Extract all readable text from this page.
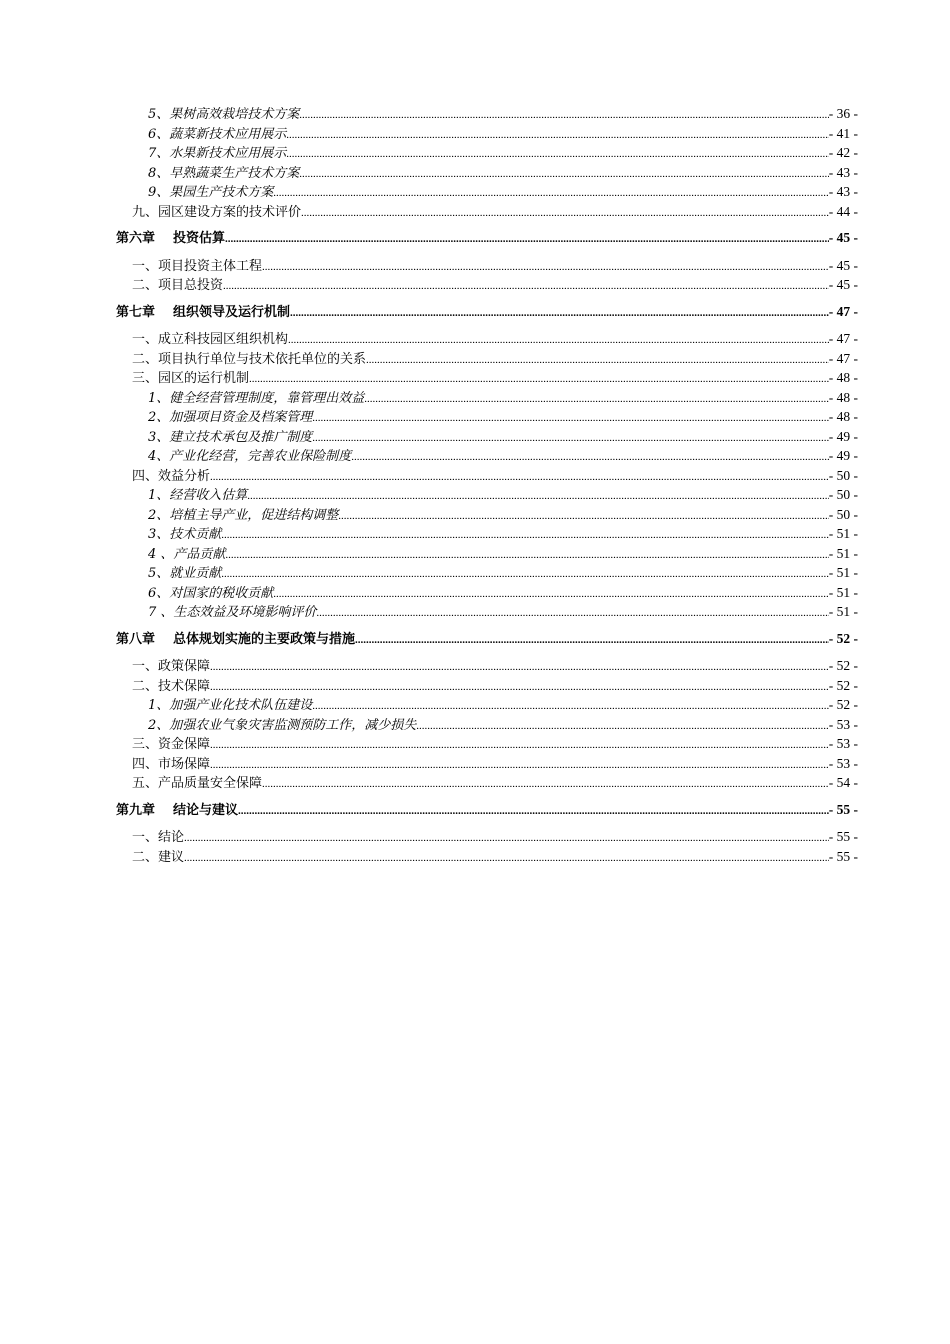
5、果树高效栽培技术方案 .....	- 36 -
6、蔬菜新技术应用展示 .....	- 41 -
7、水果新技术应用展示 .....	- 42 -
8、早熟蔬菜生产技术方案 .....	- 43 -
9、果园生产技术方案 .....	- 43 -
九、园区建设方案的技术评价 .....	- 44 -
第六章 投资估算 .....	- 45 -
一、项目投资主体工程 .....	- 45 -
二、项目总投资 .....	- 45 -
第七章 组织领导及运行机制 .....	- 47 -
一、成立科技园区组织机构 .....	- 47 -
二、项目执行单位与技术依托单位的关系 .....	- 47 -
三、园区的运行机制 .....	- 48 -
1、健全经营管理制度，靠管理出效益 .....	- 48 -
2、加强项目资金及档案管理 .....	- 48 -
3、建立技术承包及推广制度 .....	- 49 -
4、产业化经营，完善农业保险制度 .....	- 49 -
四、效益分析 .....	- 50 -
1、经营收入估算 .....	- 50 -
2、培植主导产业，促进结构调整 .....	- 50 -
3、技术贡献 .....	- 51 -
4 、产品贡献 .....	- 51 -
5、就业贡献 .....	- 51 -
6、对国家的税收贡献 .....	- 51 -
7 、生态效益及环境影响评价 .....	- 51 -
第八章 总体规划实施的主要政策与措施 .....	- 52 -
一、政策保障 .....	- 52 -
二、技术保障 .....	- 52 -
1、加强产业化技术队伍建设 .....	- 52 -
2、加强农业气象灾害监测预防工作，减少损失 .....	- 53 -
三、资金保障 .....	- 53 -
四、市场保障 .....	- 53 -
五、产品质量安全保障 .....	- 54 -
第九章 结论与建议 .....	- 55 -
一、结论 .....	- 55 -
二、建议 .....	- 55 -
